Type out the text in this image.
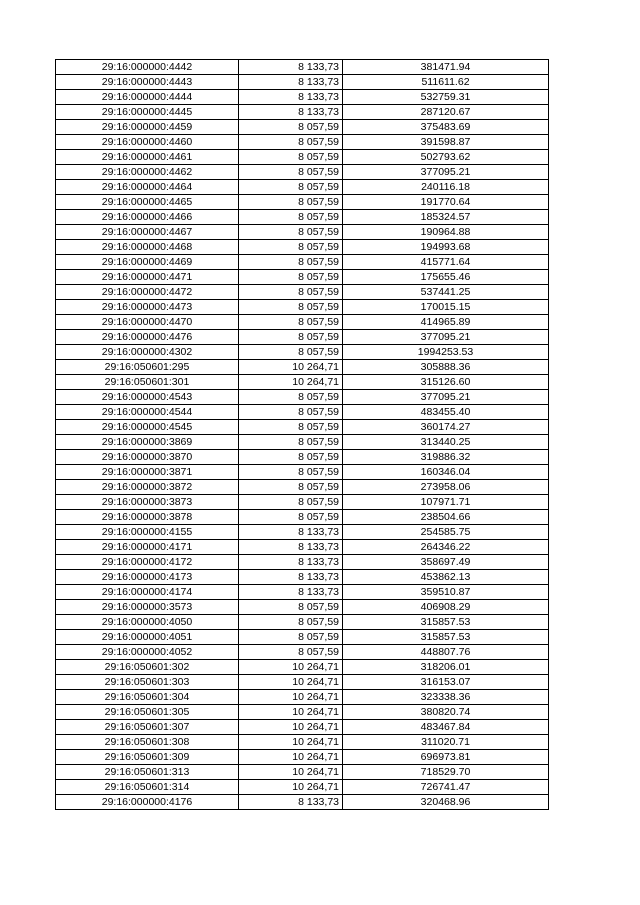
29:16:000000:4442	8 133,73	381471.94
29:16:000000:4443	8 133,73	511611.62
29:16:000000:4444	8 133,73	532759.31
29:16:000000:4445	8 133,73	287120.67
29:16:000000:4459	8 057,59	375483.69
29:16:000000:4460	8 057,59	391598.87
29:16:000000:4461	8 057,59	502793.62
29:16:000000:4462	8 057,59	377095.21
29:16:000000:4464	8 057,59	240116.18
29:16:000000:4465	8 057,59	191770.64
29:16:000000:4466	8 057,59	185324.57
29:16:000000:4467	8 057,59	190964.88
29:16:000000:4468	8 057,59	194993.68
29:16:000000:4469	8 057,59	415771.64
29:16:000000:4471	8 057,59	175655.46
29:16:000000:4472	8 057,59	537441.25
29:16:000000:4473	8 057,59	170015.15
29:16:000000:4470	8 057,59	414965.89
29:16:000000:4476	8 057,59	377095.21
29:16:000000:4302	8 057,59	1994253.53
29:16:050601:295	10 264,71	305888.36
29:16:050601:301	10 264,71	315126.60
29:16:000000:4543	8 057,59	377095.21
29:16:000000:4544	8 057,59	483455.40
29:16:000000:4545	8 057,59	360174.27
29:16:000000:3869	8 057,59	313440.25
29:16:000000:3870	8 057,59	319886.32
29:16:000000:3871	8 057,59	160346.04
29:16:000000:3872	8 057,59	273958.06
29:16:000000:3873	8 057,59	107971.71
29:16:000000:3878	8 057,59	238504.66
29:16:000000:4155	8 133,73	254585.75
29:16:000000:4171	8 133,73	264346.22
29:16:000000:4172	8 133,73	358697.49
29:16:000000:4173	8 133,73	453862.13
29:16:000000:4174	8 133,73	359510.87
29:16:000000:3573	8 057,59	406908.29
29:16:000000:4050	8 057,59	315857.53
29:16:000000:4051	8 057,59	315857.53
29:16:000000:4052	8 057,59	448807.76
29:16:050601:302	10 264,71	318206.01
29:16:050601:303	10 264,71	316153.07
29:16:050601:304	10 264,71	323338.36
29:16:050601:305	10 264,71	380820.74
29:16:050601:307	10 264,71	483467.84
29:16:050601:308	10 264,71	311020.71
29:16:050601:309	10 264,71	696973.81
29:16:050601:313	10 264,71	718529.70
29:16:050601:314	10 264,71	726741.47
29:16:000000:4176	8 133,73	320468.96
